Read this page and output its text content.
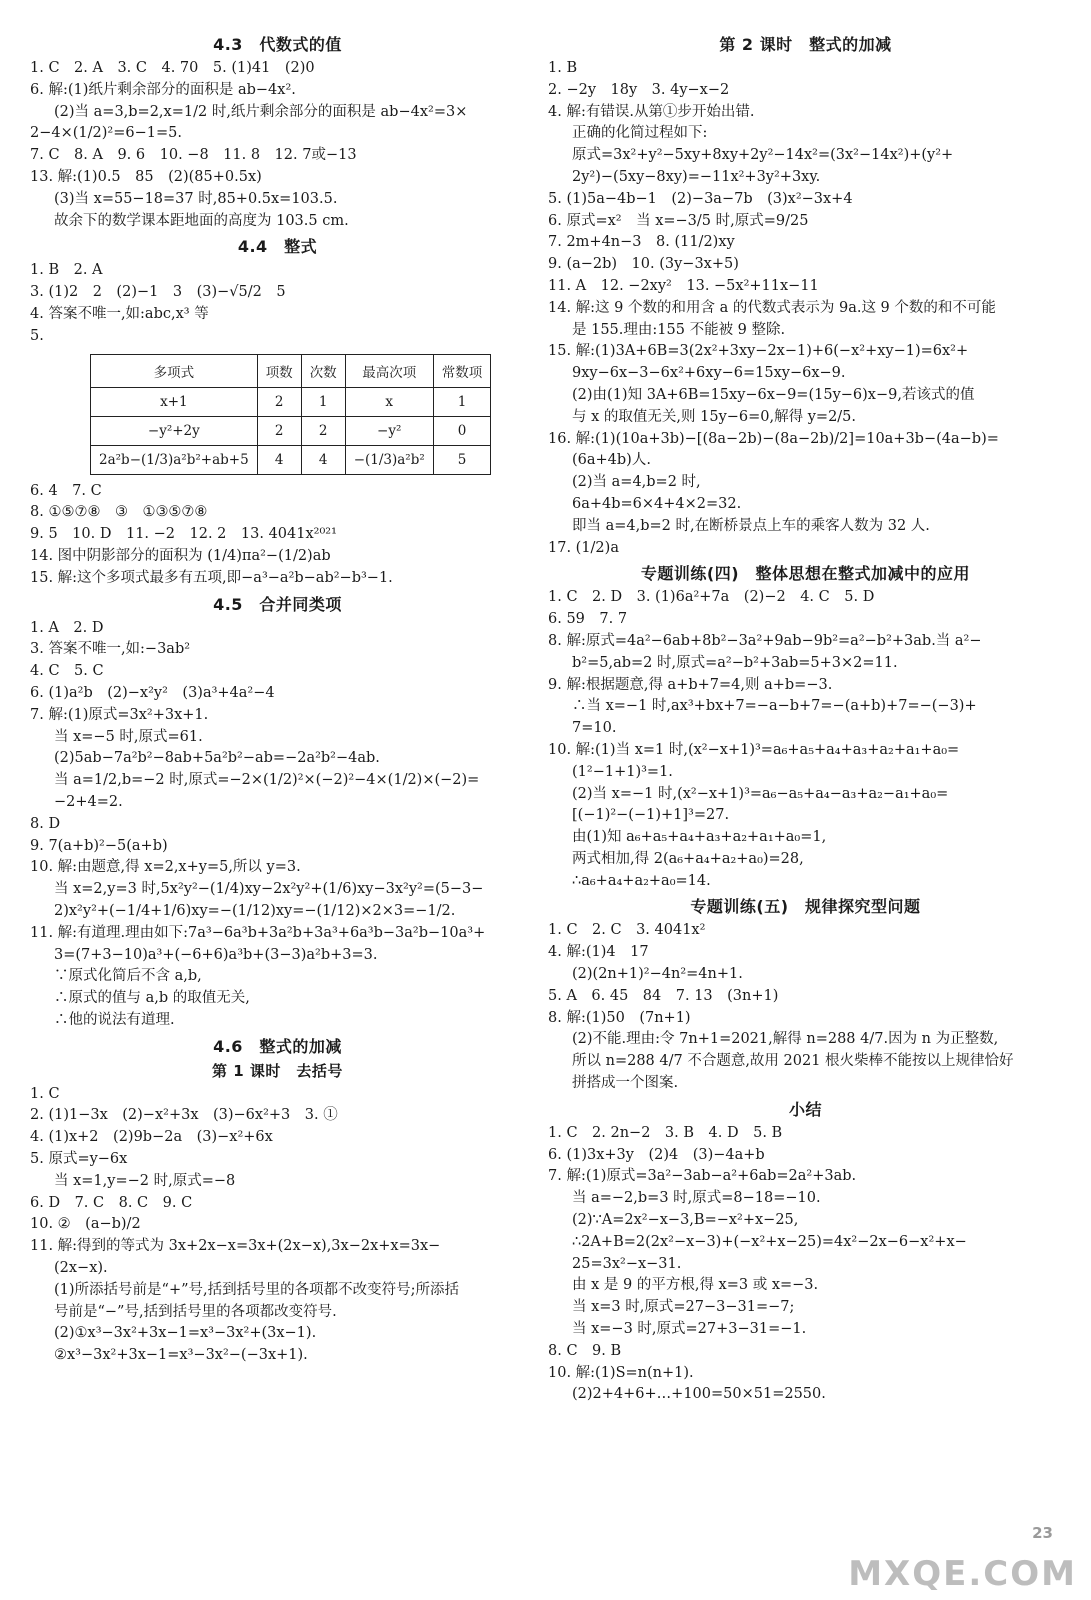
4.3　代数式的值
1. C　2. A　3. C　4. 70　5. (1)41　(2)0
6. 解:(1)纸片剩余部分的面积是 ab−4x².
(2)当 a=3,b=2,x=1/2 时,纸片剩余部分的面积是 ab−4x²=3×
2−4×(1/2)²=6−1=5.
7. C　8. A　9. 6　10. −8　11. 8　12. 7或−13
13. 解:(1)0.5　85　(2)(85+0.5x)
(3)当 x=55−18=37 时,85+0.5x=103.5.
故余下的数学课本距地面的高度为 103.5 cm.
4.4　整式
1. B　2. A
3. (1)2　2　(2)−1　3　(3)−√5/2　5
4. 答案不唯一,如:abc,x³ 等
5.
多项式	项数	次数	最高次项	常数项
x+1	2	1	x	1
−y²+2y	2	2	−y²	0
2a²b−(1/3)a²b²+ab+5	4	4	−(1/3)a²b²	5
6. 4　7. C
8. ①⑤⑦⑧　③　①③⑤⑦⑧
9. 5　10. D　11. −2　12. 2　13. 4041x²⁰²¹
14. 图中阴影部分的面积为 (1/4)πa²−(1/2)ab
15. 解:这个多项式最多有五项,即−a³−a²b−ab²−b³−1.
4.5　合并同类项
1. A　2. D
3. 答案不唯一,如:−3ab²
4. C　5. C
6. (1)a²b　(2)−x²y²　(3)a³+4a²−4
7. 解:(1)原式=3x²+3x+1.
当 x=−5 时,原式=61.
(2)5ab−7a²b²−8ab+5a²b²−ab=−2a²b²−4ab.
当 a=1/2,b=−2 时,原式=−2×(1/2)²×(−2)²−4×(1/2)×(−2)=
−2+4=2.
8. D
9. 7(a+b)²−5(a+b)
10. 解:由题意,得 x=2,x+y=5,所以 y=3.
当 x=2,y=3 时,5x²y²−(1/4)xy−2x²y²+(1/6)xy−3x²y²=(5−3−
2)x²y²+(−1/4+1/6)xy=−(1/12)xy=−(1/12)×2×3=−1/2.
11. 解:有道理.理由如下:7a³−6a³b+3a²b+3a³+6a³b−3a²b−10a³+
3=(7+3−10)a³+(−6+6)a³b+(3−3)a²b+3=3.
∵原式化简后不含 a,b,
∴原式的值与 a,b 的取值无关,
∴他的说法有道理.
4.6　整式的加减
第 1 课时　去括号
1. C
2. (1)1−3x　(2)−x²+3x　(3)−6x²+3　3. ①
4. (1)x+2　(2)9b−2a　(3)−x²+6x
5. 原式=y−6x
当 x=1,y=−2 时,原式=−8
6. D　7. C　8. C　9. C
10. ②　(a−b)/2
11. 解:得到的等式为 3x+2x−x=3x+(2x−x),3x−2x+x=3x−
(2x−x).
(1)所添括号前是“+”号,括到括号里的各项都不改变符号;所添括
号前是“−”号,括到括号里的各项都改变符号.
(2)①x³−3x²+3x−1=x³−3x²+(3x−1).
②x³−3x²+3x−1=x³−3x²−(−3x+1).
第 2 课时　整式的加减
1. B
2. −2y　18y　3. 4y−x−2
4. 解:有错误.从第①步开始出错.
正确的化简过程如下:
原式=3x²+y²−5xy+8xy+2y²−14x²=(3x²−14x²)+(y²+
2y²)−(5xy−8xy)=−11x²+3y²+3xy.
5. (1)5a−4b−1　(2)−3a−7b　(3)x²−3x+4
6. 原式=x²　当 x=−3/5 时,原式=9/25
7. 2m+4n−3　8. (11/2)xy
9. (a−2b)　10. (3y−3x+5)
11. A　12. −2xy²　13. −5x²+11x−11
14. 解:这 9 个数的和用含 a 的代数式表示为 9a.这 9 个数的和不可能
是 155.理由:155 不能被 9 整除.
15. 解:(1)3A+6B=3(2x²+3xy−2x−1)+6(−x²+xy−1)=6x²+
9xy−6x−3−6x²+6xy−6=15xy−6x−9.
(2)由(1)知 3A+6B=15xy−6x−9=(15y−6)x−9,若该式的值
与 x 的取值无关,则 15y−6=0,解得 y=2/5.
16. 解:(1)(10a+3b)−[(8a−2b)−(8a−2b)/2]=10a+3b−(4a−b)=
(6a+4b)人.
(2)当 a=4,b=2 时,
6a+4b=6×4+4×2=32.
即当 a=4,b=2 时,在断桥景点上车的乘客人数为 32 人.
17. (1/2)a
专题训练(四)　整体思想在整式加减中的应用
1. C　2. D　3. (1)6a²+7a　(2)−2　4. C　5. D
6. 59　7. 7
8. 解:原式=4a²−6ab+8b²−3a²+9ab−9b²=a²−b²+3ab.当 a²−
b²=5,ab=2 时,原式=a²−b²+3ab=5+3×2=11.
9. 解:根据题意,得 a+b+7=4,则 a+b=−3.
∴当 x=−1 时,ax³+bx+7=−a−b+7=−(a+b)+7=−(−3)+
7=10.
10. 解:(1)当 x=1 时,(x²−x+1)³=a₆+a₅+a₄+a₃+a₂+a₁+a₀=
(1²−1+1)³=1.
(2)当 x=−1 时,(x²−x+1)³=a₆−a₅+a₄−a₃+a₂−a₁+a₀=
[(−1)²−(−1)+1]³=27.
由(1)知 a₆+a₅+a₄+a₃+a₂+a₁+a₀=1,
两式相加,得 2(a₆+a₄+a₂+a₀)=28,
∴a₆+a₄+a₂+a₀=14.
专题训练(五)　规律探究型问题
1. C　2. C　3. 4041x²
4. 解:(1)4　17
(2)(2n+1)²−4n²=4n+1.
5. A　6. 45　84　7. 13　(3n+1)
8. 解:(1)50　(7n+1)
(2)不能.理由:令 7n+1=2021,解得 n=288 4/7.因为 n 为正整数,
所以 n=288 4/7 不合题意,故用 2021 根火柴棒不能按以上规律恰好
拼搭成一个图案.
小结
1. C　2. 2n−2　3. B　4. D　5. B
6. (1)3x+3y　(2)4　(3)−4a+b
7. 解:(1)原式=3a²−3ab−a²+6ab=2a²+3ab.
当 a=−2,b=3 时,原式=8−18=−10.
(2)∵A=2x²−x−3,B=−x²+x−25,
∴2A+B=2(2x²−x−3)+(−x²+x−25)=4x²−2x−6−x²+x−
25=3x²−x−31.
由 x 是 9 的平方根,得 x=3 或 x=−3.
当 x=3 时,原式=27−3−31=−7;
当 x=−3 时,原式=27+3−31=−1.
8. C　9. B
10. 解:(1)S=n(n+1).
(2)2+4+6+…+100=50×51=2550.
23
MXQE.COM
